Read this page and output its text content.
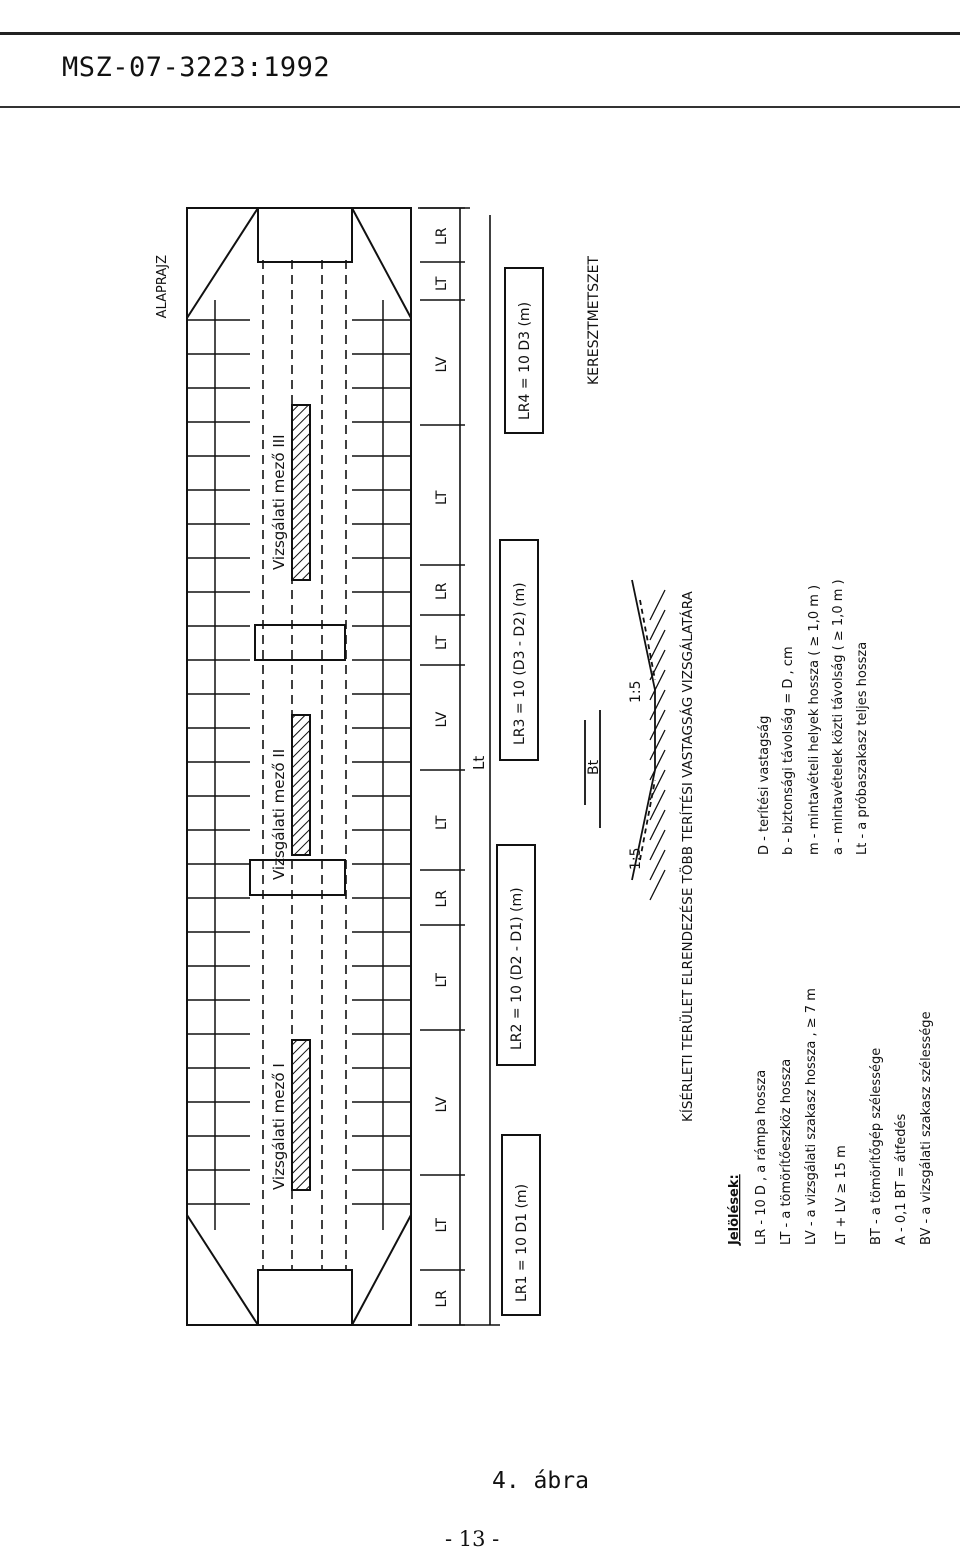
MSZ-07-3223:1992
ALAPRAJZ
Vizsgálati mező I
Vizsgálati mező II
Vizsgálati mező III
LR
LT
LV
LT
LR
LT
LV
LT
LR
LT
LV
LT
LR
Lt
LR1 = 10 D1 (m)
LR2 = 10 (D2 - D1) (m)
LR3 = 10 (D3 - D2) (m)
LR4 = 10 D3 (m)	KERESZTMETSZET
1:5
1:5
Bt	KÍSÉRLETI TERÜLET ELRENDEZÉSE TÖBB TERÍTÉSI VASTAGSÁG VIZSGÁLATÁRA	D - terítési vastagság b - biztonsági távolság = D , cm m - mintavételi helyek hossza ( ≥ 1,0 m ) a - mintavételek közti távolság ( ≥ 1,0 m ) Lt - a próbaszakasz teljes hossza
Jelölések: LR - 10 D , a rámpa hossza LT - a tömörítőeszköz hossza LV - a vizsgálati szakasz hossza , ≥ 7 m LT + LV ≥ 15 m BT - a tömörítőgép szélessége A - 0,1 BT = átfedés BV - a vizsgálati szakasz szélessége
4. ábra
- 13 -
